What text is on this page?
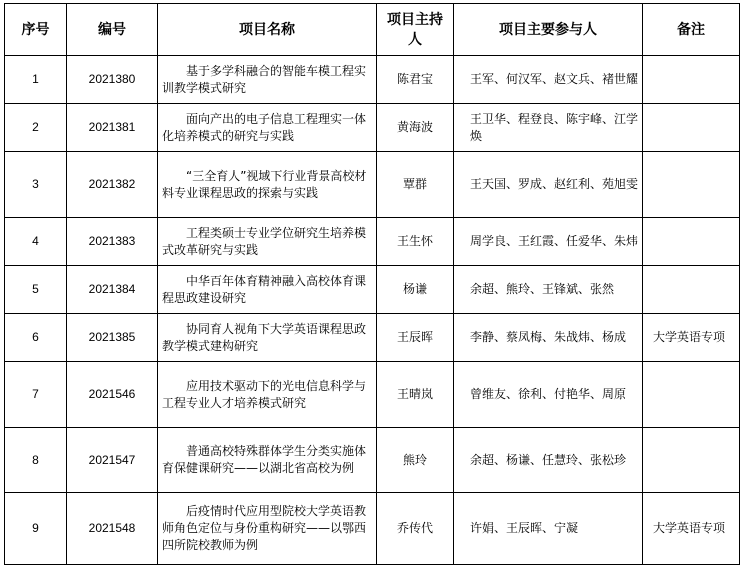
序号	编号	项目名称	项目主持人	项目主要参与人	备注
1	2021380	基于多学科融合的智能车模工程实训教学模式研究	陈君宝	王军、何汉军、赵文兵、褚世耀	
2	2021381	面向产出的电子信息工程理实一体化培养模式的研究与实践	黄海波	王卫华、程登良、陈宇峰、江学焕	
3	2021382	“三全育人”视域下行业背景高校材料专业课程思政的探索与实践	覃群	王天国、罗成、赵红利、苑旭雯	
4	2021383	工程类硕士专业学位研究生培养模式改革研究与实践	王生怀	周学良、王红霞、任爱华、朱炜	
5	2021384	中华百年体育精神融入高校体育课程思政建设研究	杨谦	余超、熊玲、王锋斌、张然	
6	2021385	协同育人视角下大学英语课程思政教学模式建构研究	王辰晖	李静、蔡凤梅、朱战炜、杨成	大学英语专项
7	2021546	应用技术驱动下的光电信息科学与工程专业人才培养模式研究	王晴岚	曾维友、徐利、付艳华、周原	
8	2021547	普通高校特殊群体学生分类实施体育保健课研究——以湖北省高校为例	熊玲	余超、杨谦、任慧玲、张松珍	
9	2021548	后疫情时代应用型院校大学英语教师角色定位与身份重构研究——以鄂西四所院校教师为例	乔传代	许娟、王辰晖、宁凝	大学英语专项
